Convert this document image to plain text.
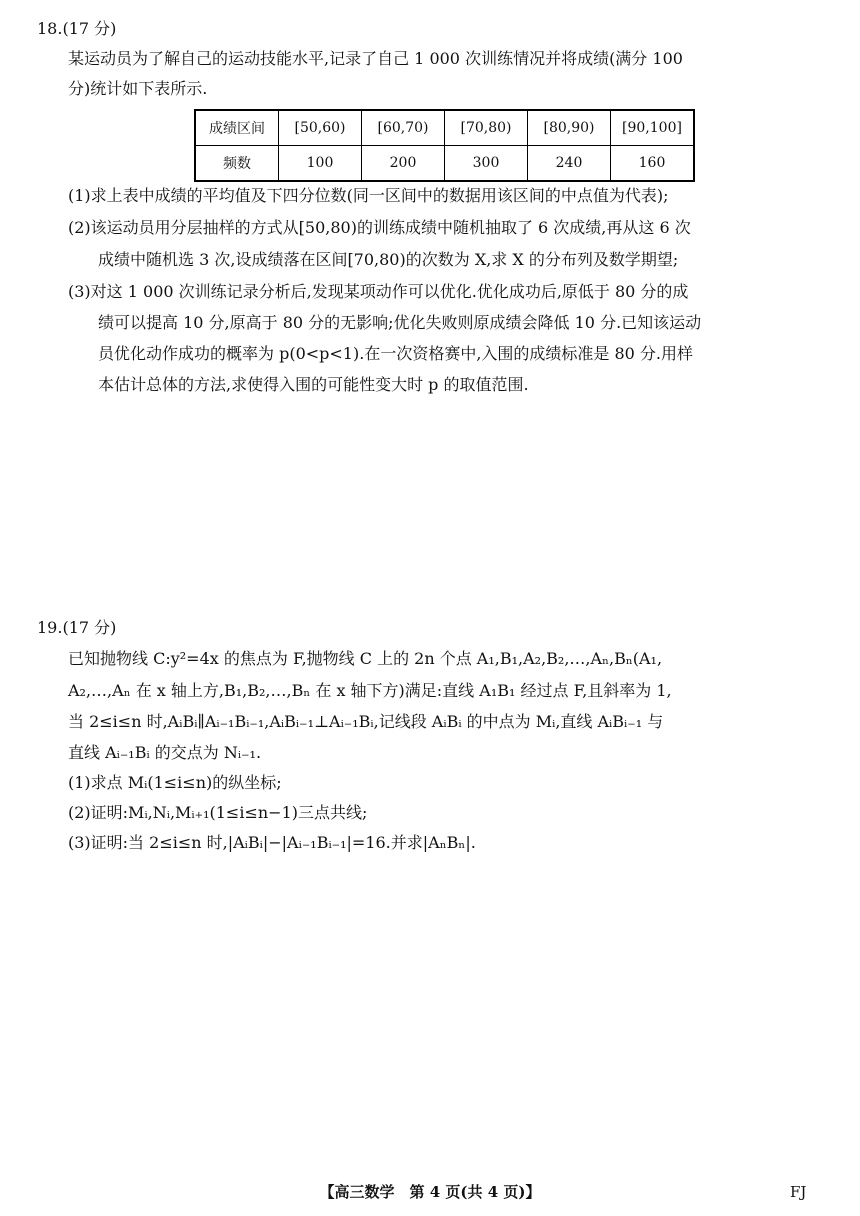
18.(17 分)
某运动员为了解自己的运动技能水平,记录了自己 1 000 次训练情况并将成绩(满分 100
分)统计如下表所示.
成绩区间	[50,60)	[60,70)	[70,80)	[80,90)	[90,100]
频数	100	200	300	240	160
(1)求上表中成绩的平均值及下四分位数(同一区间中的数据用该区间的中点值为代表);
(2)该运动员用分层抽样的方式从[50,80)的训练成绩中随机抽取了 6 次成绩,再从这 6 次
成绩中随机选 3 次,设成绩落在区间[70,80)的次数为 X,求 X 的分布列及数学期望;
(3)对这 1 000 次训练记录分析后,发现某项动作可以优化.优化成功后,原低于 80 分的成
绩可以提高 10 分,原高于 80 分的无影响;优化失败则原成绩会降低 10 分.已知该运动
员优化动作成功的概率为 p(0<p<1).在一次资格赛中,入围的成绩标准是 80 分.用样
本估计总体的方法,求使得入围的可能性变大时 p 的取值范围.
19.(17 分)
已知抛物线 C:y²=4x 的焦点为 F,抛物线 C 上的 2n 个点 A₁,B₁,A₂,B₂,…,Aₙ,Bₙ(A₁,
A₂,…,Aₙ 在 x 轴上方,B₁,B₂,…,Bₙ 在 x 轴下方)满足:直线 A₁B₁ 经过点 F,且斜率为 1,
当 2≤i≤n 时,AᵢBᵢ∥Aᵢ₋₁Bᵢ₋₁,AᵢBᵢ₋₁⊥Aᵢ₋₁Bᵢ,记线段 AᵢBᵢ 的中点为 Mᵢ,直线 AᵢBᵢ₋₁ 与
直线 Aᵢ₋₁Bᵢ 的交点为 Nᵢ₋₁.
(1)求点 Mᵢ(1≤i≤n)的纵坐标;
(2)证明:Mᵢ,Nᵢ,Mᵢ₊₁(1≤i≤n−1)三点共线;
(3)证明:当 2≤i≤n 时,|AᵢBᵢ|−|Aᵢ₋₁Bᵢ₋₁|=16.并求|AₙBₙ|.
【高三数学　第 4 页(共 4 页)】	FJ
